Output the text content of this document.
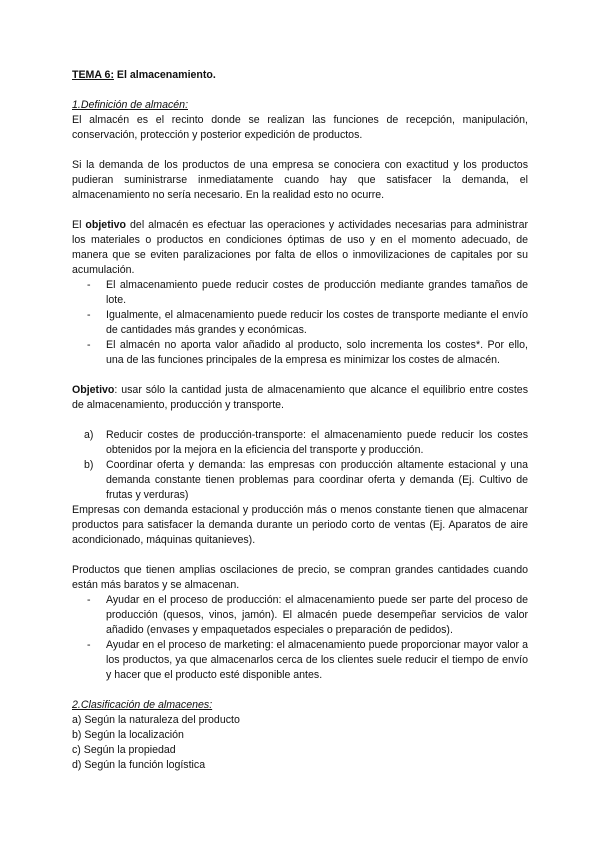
TEMA 6: El almacenamiento.

1.Definición de almacén:

El almacén es el recinto donde se realizan las funciones de recepción, manipulación, conservación, protección y posterior expedición de productos.

Si la demanda de los productos de una empresa se conociera con exactitud y los productos pudieran suministrarse inmediatamente cuando hay que satisfacer la demanda, el almacenamiento no sería necesario. En la realidad esto no ocurre.

El objetivo del almacén es efectuar las operaciones y actividades necesarias para administrar los materiales o productos en condiciones óptimas de uso y en el momento adecuado, de manera que se eviten paralizaciones por falta de ellos o inmovilizaciones de capitales por su acumulación.

- El almacenamiento puede reducir costes de producción mediante grandes tamaños de lote.
- Igualmente, el almacenamiento puede reducir los costes de transporte mediante el envío de cantidades más grandes y económicas.
- El almacén no aporta valor añadido al producto, solo incrementa los costes*. Por ello, una de las funciones principales de la empresa es minimizar los costes de almacén.

Objetivo: usar sólo la cantidad justa de almacenamiento que alcance el equilibrio entre costes de almacenamiento, producción y transporte.

a) Reducir costes de producción-transporte: el almacenamiento puede reducir los costes obtenidos por la mejora en la eficiencia del transporte y producción.
b) Coordinar oferta y demanda: las empresas con producción altamente estacional y una demanda constante tienen problemas para coordinar oferta y demanda (Ej. Cultivo de frutas y verduras)

Empresas con demanda estacional y producción más o menos constante tienen que almacenar productos para satisfacer la demanda durante un periodo corto de ventas (Ej. Aparatos de aire acondicionado, máquinas quitanieves).

Productos que tienen amplias oscilaciones de precio, se compran grandes cantidades cuando están más baratos y se almacenan.

- Ayudar en el proceso de producción: el almacenamiento puede ser parte del proceso de producción (quesos, vinos, jamón). El almacén puede desempeñar servicios de valor añadido (envases y empaquetados especiales o preparación de pedidos).
- Ayudar en el proceso de marketing: el almacenamiento puede proporcionar mayor valor a los productos, ya que almacenarlos cerca de los clientes suele reducir el tiempo de envío y hacer que el producto esté disponible antes.

2.Clasificación de almacenes:

a) Según la naturaleza del producto

b) Según la localización

c) Según la propiedad

d) Según la función logística
